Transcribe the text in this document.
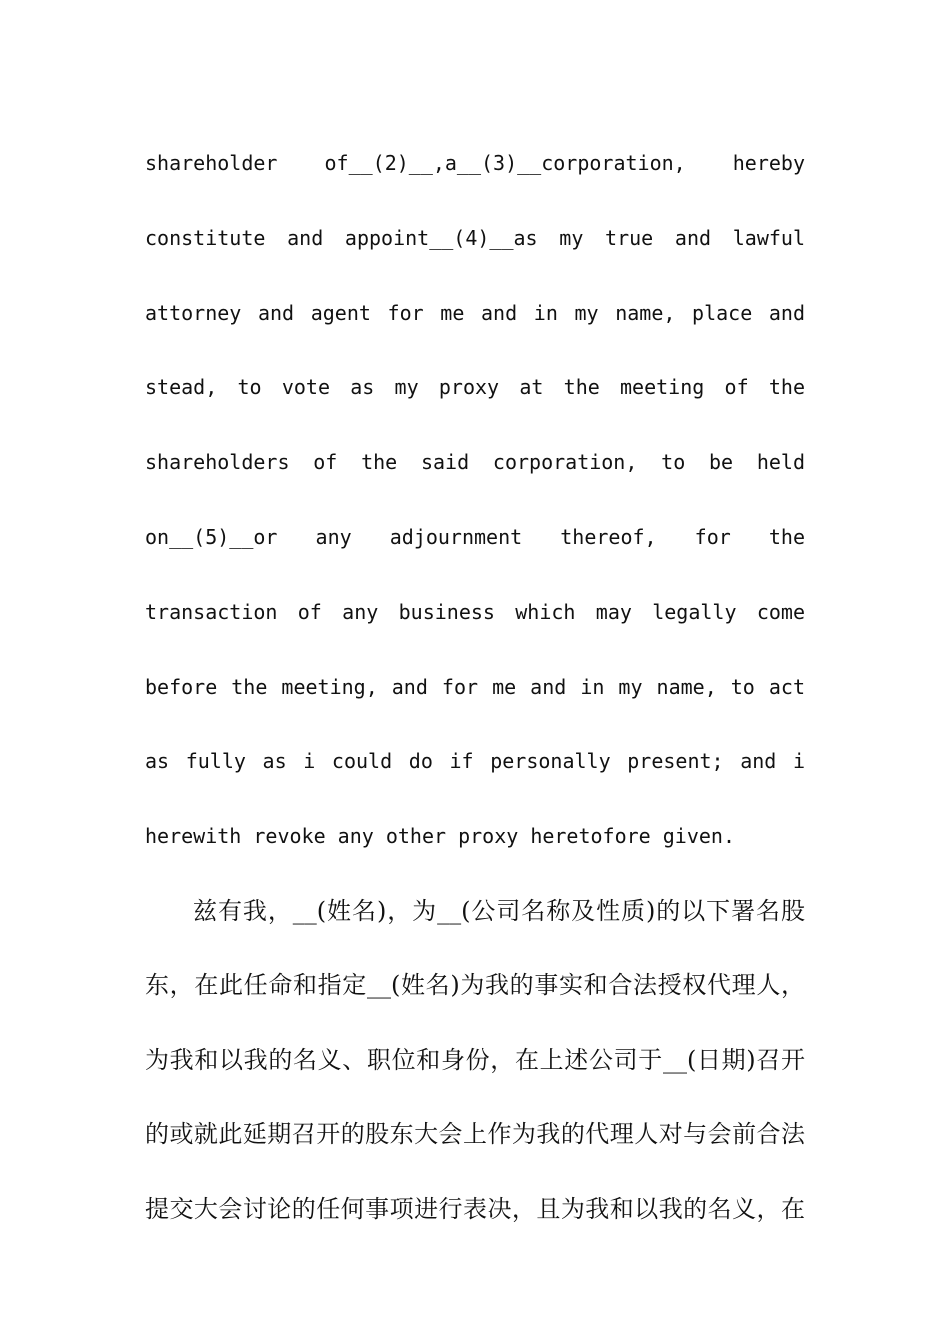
shareholder of__(2)__,a__(3)__corporation, hereby
constitute and appoint__(4)__as my true and lawful
attorney and agent for me and in my name, place and
stead, to vote as my proxy at the meeting of the
shareholders of the said corporation, to be held
on__(5)__or any adjournment thereof, for the
transaction of any business which may legally come
before the meeting, and for me and in my name, to act
as fully as i could do if personally present; and i
herewith revoke any other proxy heretofore given.
兹有我，__(姓名)，为__(公司名称及性质)的以下署名股
东，在此任命和指定__(姓名)为我的事实和合法授权代理人，
为我和以我的名义、职位和身份，在上述公司于__(日期)召开
的或就此延期召开的股东大会上作为我的代理人对与会前合法
提交大会讨论的任何事项进行表决，且为我和以我的名义，在
